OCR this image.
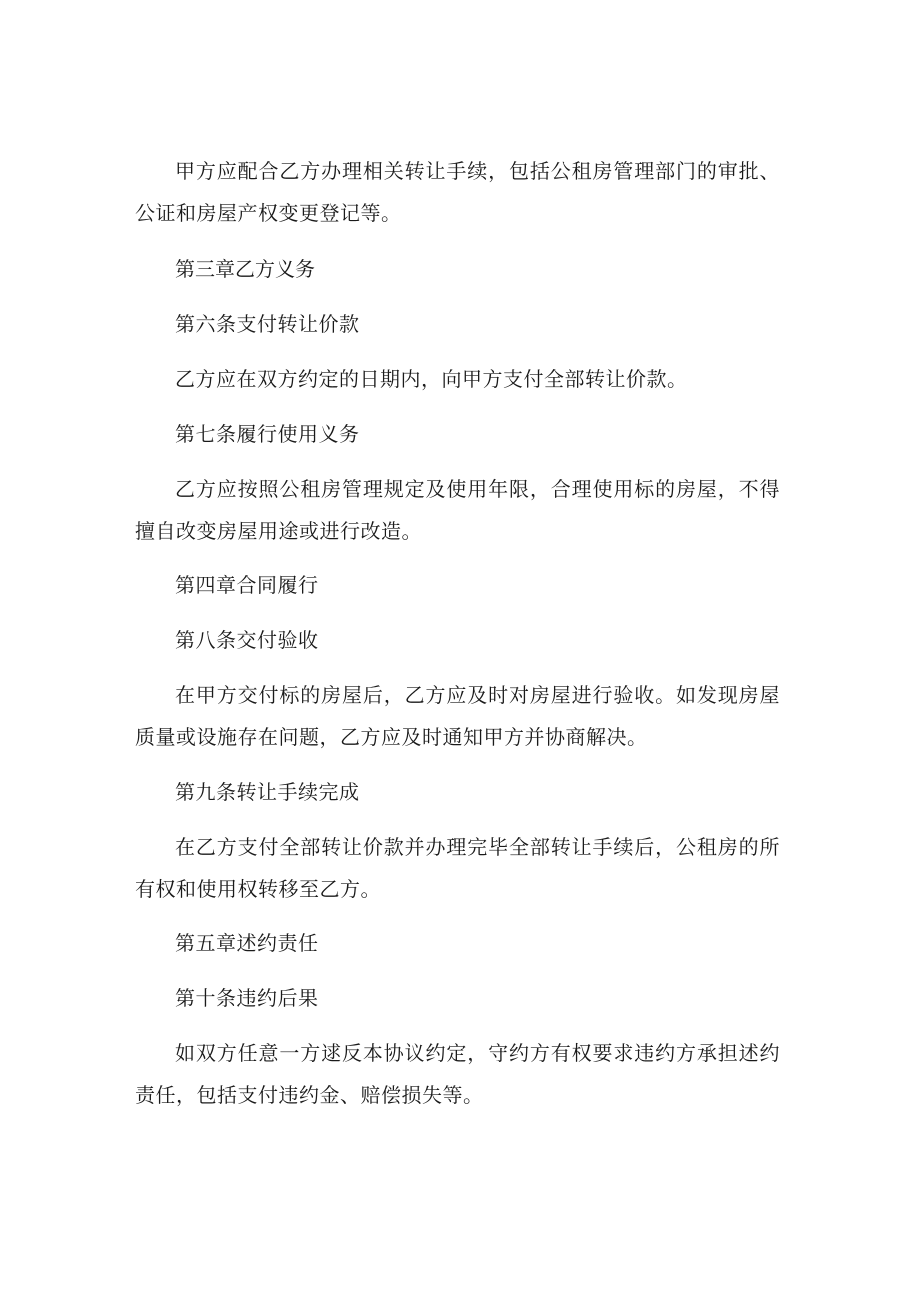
甲方应配合乙方办理相关转让手续，包括公租房管理部门的审批、公证和房屋产权变更登记等。

第三章乙方义务

第六条支付转让价款

乙方应在双方约定的日期内，向甲方支付全部转让价款。

第七条履行使用义务

乙方应按照公租房管理规定及使用年限，合理使用标的房屋，不得擅自改变房屋用途或进行改造。

第四章合同履行

第八条交付验收

在甲方交付标的房屋后，乙方应及时对房屋进行验收。如发现房屋质量或设施存在问题，乙方应及时通知甲方并协商解决。

第九条转让手续完成

在乙方支付全部转让价款并办理完毕全部转让手续后，公租房的所有权和使用权转移至乙方。

第五章述约责任

第十条违约后果

如双方任意一方逑反本协议约定，守约方有权要求违约方承担述约责任，包括支付违约金、赔偿损失等。
